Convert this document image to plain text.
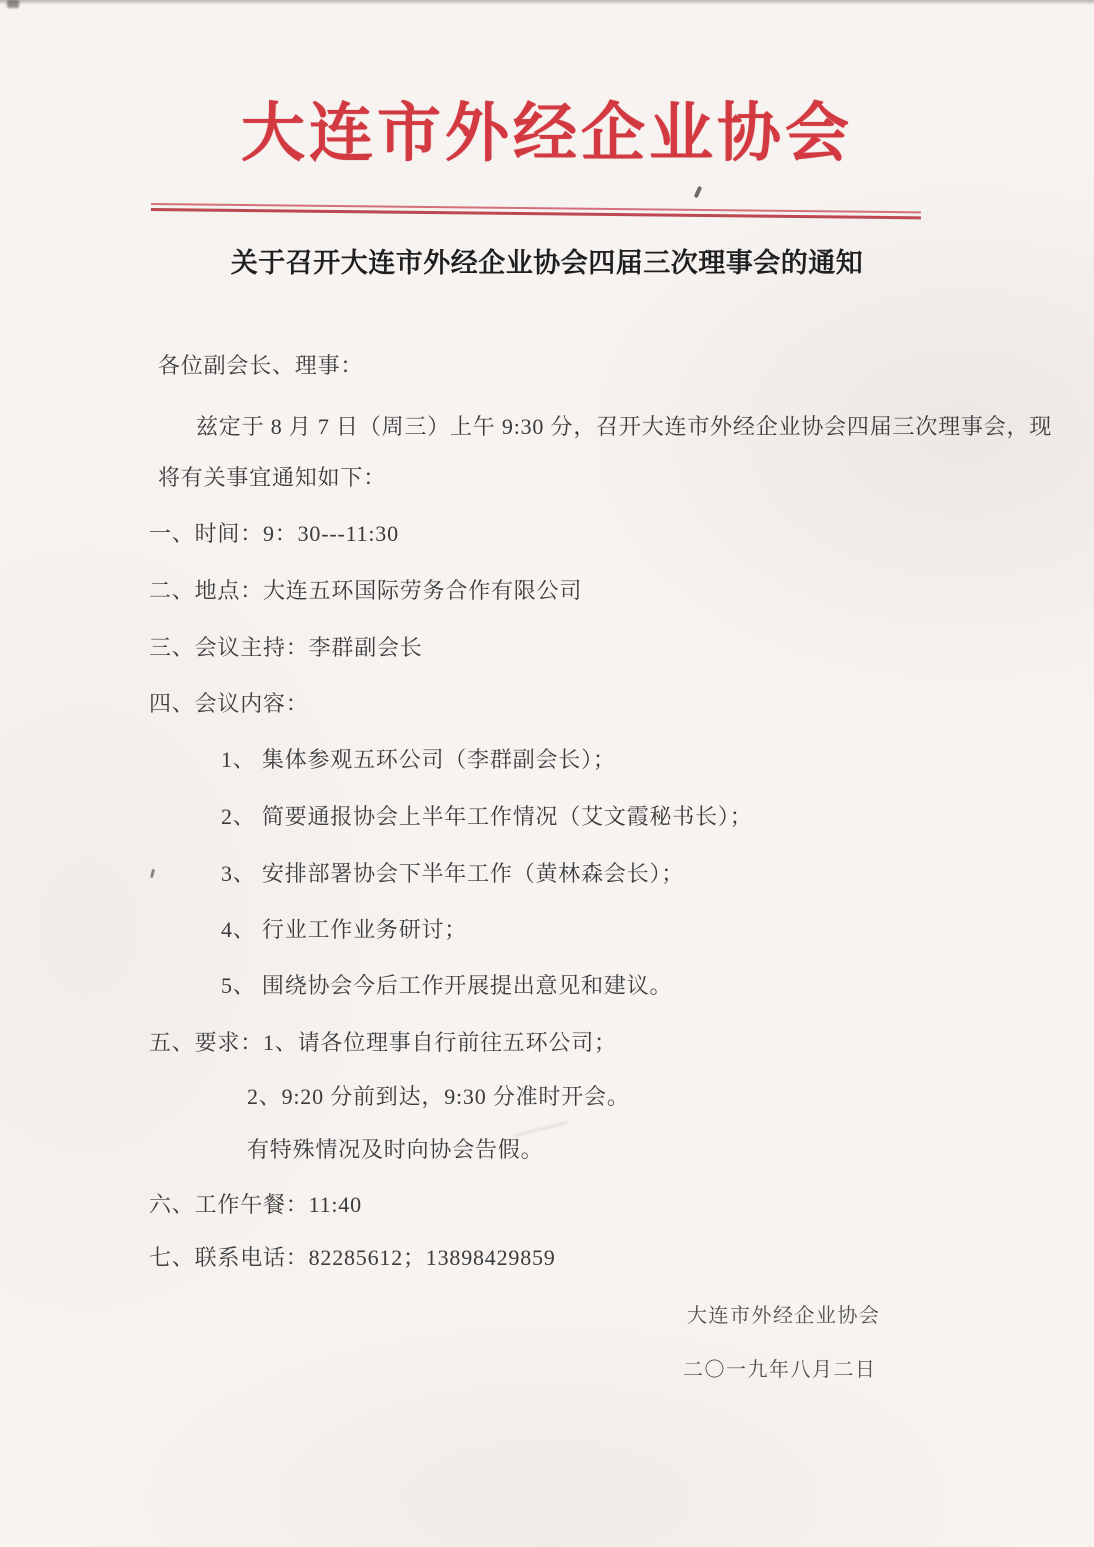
大连市外经企业协会
关于召开大连市外经企业协会四届三次理事会的通知
各位副会长、理事：
兹定于 8 月 7 日（周三）上午 9:30 分，召开大连市外经企业协会四届三次理事会，现
将有关事宜通知如下：
一、时间：9：30---11:30
二、地点：大连五环国际劳务合作有限公司
三、会议主持：李群副会长
四、会议内容：
1、 集体参观五环公司（李群副会长）；
2、 简要通报协会上半年工作情况（艾文霞秘书长）；
3、 安排部署协会下半年工作（黄林森会长）；
4、 行业工作业务研讨；
5、 围绕协会今后工作开展提出意见和建议。
五、要求：1、请各位理事自行前往五环公司；
2、9:20 分前到达，9:30 分准时开会。
有特殊情况及时向协会告假。
六、工作午餐：11:40
七、联系电话：82285612；13898429859
大连市外经企业协会
二〇一九年八月二日
